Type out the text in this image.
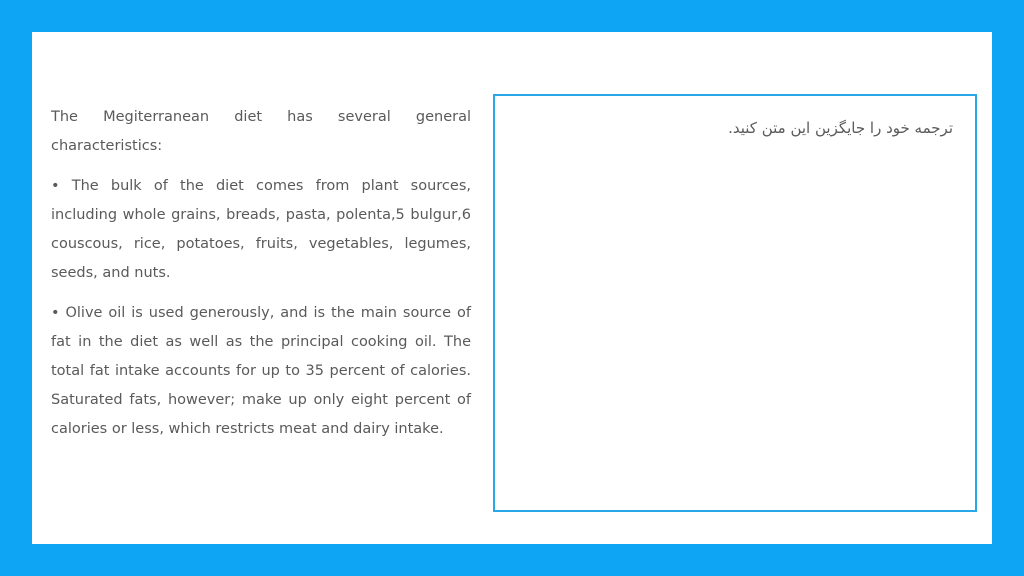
The Megiterranean diet has several general characteristics:

• The bulk of the diet comes from plant sources, including whole grains, breads, pasta, polenta,5 bulgur,6 couscous, rice, potatoes, fruits, vegetables, legumes, seeds, and nuts.

• Olive oil is used generously, and is the main source of fat in the diet as well as the principal cooking oil. The total fat intake accounts for up to 35 percent of calories. Saturated fats, however; make up only eight percent of calories or less, which restricts meat and dairy intake.

ترجمه خود را جایگزین این متن کنید.
